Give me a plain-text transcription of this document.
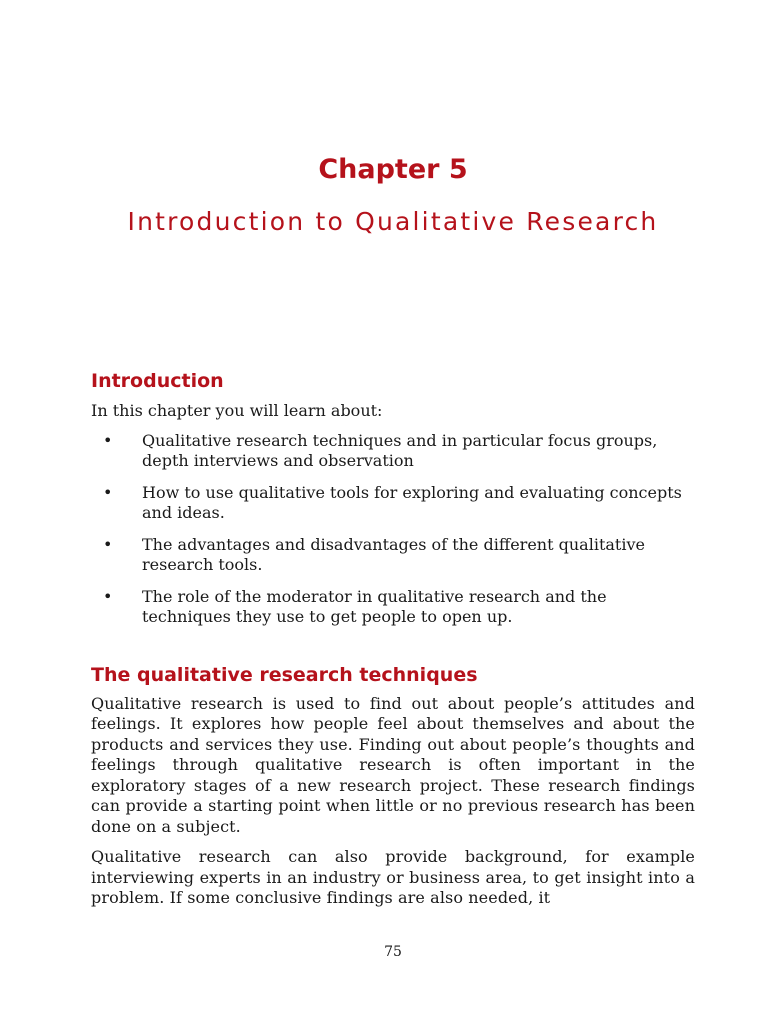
Chapter 5
Introduction to Qualitative Research
Introduction

In this chapter you will learn about:

• Qualitative research techniques and in particular focus groups, depth interviews and observation
• How to use qualitative tools for exploring and evaluating concepts and ideas.
• The advantages and disadvantages of the different qualitative research tools.
• The role of the moderator in qualitative research and the techniques they use to get people to open up.
The qualitative research techniques

Qualitative research is used to find out about people’s attitudes and feelings. It explores how people feel about themselves and about the products and services they use. Finding out about people’s thoughts and feelings through qualitative research is often important in the exploratory stages of a new research project. These research findings can provide a starting point when little or no previous research has been done on a subject.

Qualitative research can also provide background, for example interviewing experts in an industry or business area, to get insight into a problem. If some conclusive findings are also needed, it

75
